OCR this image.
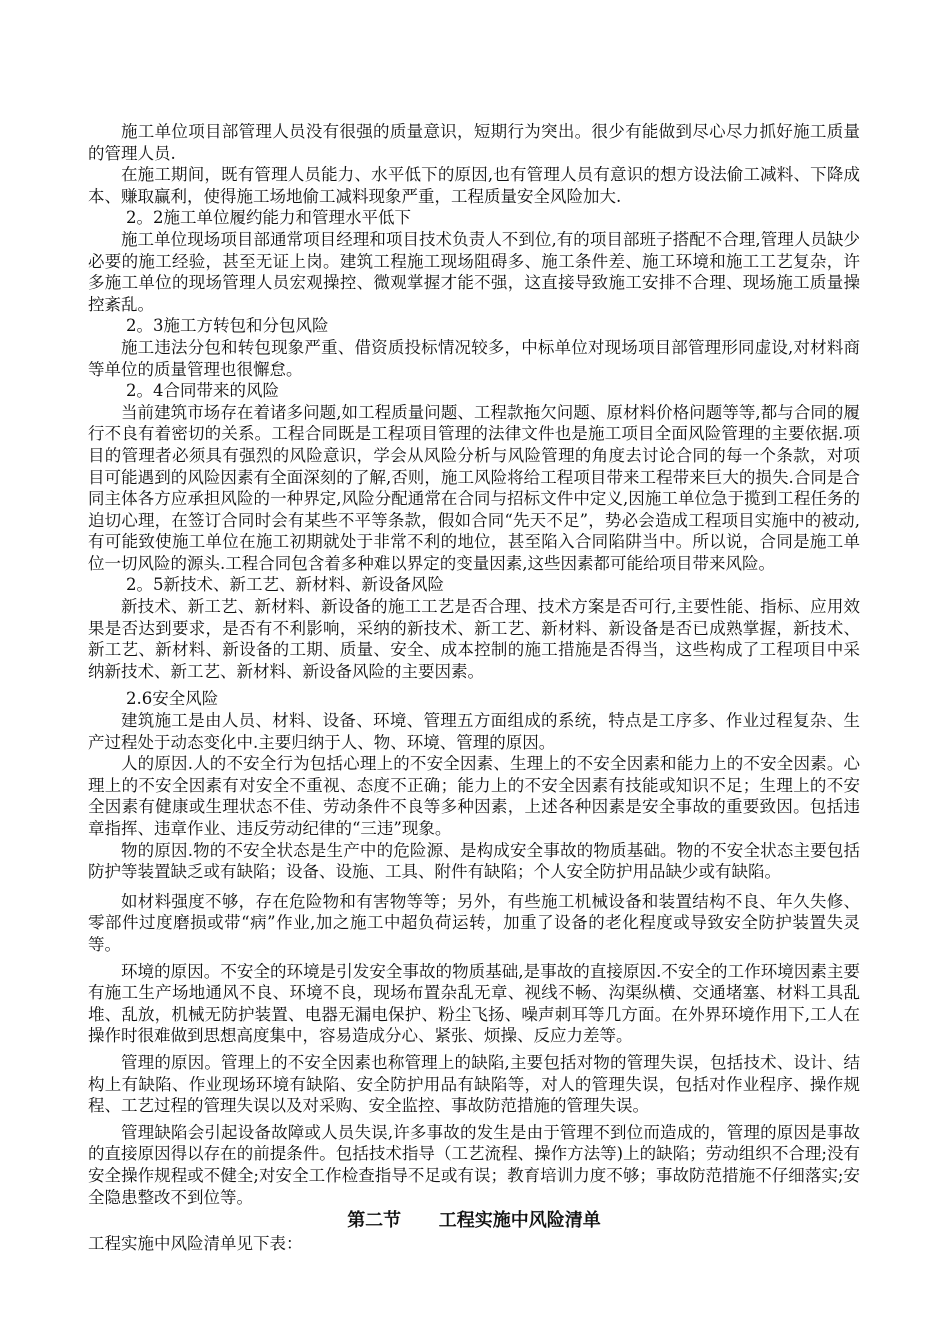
施工单位项目部管理人员没有很强的质量意识，短期行为突出。很少有能做到尽心尽力抓好施工质量的管理人员.

在施工期间，既有管理人员能力、水平低下的原因,也有管理人员有意识的想方设法偷工减料、下降成本、赚取赢利，使得施工场地偷工减料现象严重，工程质量安全风险加大.

2。2施工单位履约能力和管理水平低下

施工单位现场项目部通常项目经理和项目技术负责人不到位,有的项目部班子搭配不合理,管理人员缺少必要的施工经验，甚至无证上岗。建筑工程施工现场阻碍多、施工条件差、施工环境和施工工艺复杂，许多施工单位的现场管理人员宏观操控、微观掌握才能不强，这直接导致施工安排不合理、现场施工质量操控紊乱。

2。3施工方转包和分包风险

施工违法分包和转包现象严重、借资质投标情况较多，中标单位对现场项目部管理形同虚设,对材料商等单位的质量管理也很懈怠。

2。4合同带来的风险

当前建筑市场存在着诸多问题,如工程质量问题、工程款拖欠问题、原材料价格问题等等,都与合同的履行不良有着密切的关系。工程合同既是工程项目管理的法律文件也是施工项目全面风险管理的主要依据.项目的管理者必须具有强烈的风险意识，学会从风险分析与风险管理的角度去讨论合同的每一个条款，对项目可能遇到的风险因素有全面深刻的了解,否则，施工风险将给工程项目带来工程带来巨大的损失.合同是合同主体各方应承担风险的一种界定,风险分配通常在合同与招标文件中定义,因施工单位急于揽到工程任务的迫切心理，在签订合同时会有某些不平等条款，假如合同“先天不足”，势必会造成工程项目实施中的被动,有可能致使施工单位在施工初期就处于非常不利的地位，甚至陷入合同陷阱当中。所以说，合同是施工单位一切风险的源头.工程合同包含着多种难以界定的变量因素,这些因素都可能给项目带来风险。

2。5新技术、新工艺、新材料、新设备风险

新技术、新工艺、新材料、新设备的施工工艺是否合理、技术方案是否可行,主要性能、指标、应用效果是否达到要求，是否有不利影响，采纳的新技术、新工艺、新材料、新设备是否已成熟掌握，新技术、新工艺、新材料、新设备的工期、质量、安全、成本控制的施工措施是否得当，这些构成了工程项目中采纳新技术、新工艺、新材料、新设备风险的主要因素。

2.6安全风险

建筑施工是由人员、材料、设备、环境、管理五方面组成的系统，特点是工序多、作业过程复杂、生产过程处于动态变化中.主要归纳于人、物、环境、管理的原因。

人的原因.人的不安全行为包括心理上的不安全因素、生理上的不安全因素和能力上的不安全因素。心理上的不安全因素有对安全不重视、态度不正确；能力上的不安全因素有技能或知识不足；生理上的不安全因素有健康或生理状态不佳、劳动条件不良等多种因素，上述各种因素是安全事故的重要致因。包括违章指挥、违章作业、违反劳动纪律的“三违”现象。

物的原因.物的不安全状态是生产中的危险源、是构成安全事故的物质基础。物的不安全状态主要包括防护等装置缺乏或有缺陷；设备、设施、工具、附件有缺陷；个人安全防护用品缺少或有缺陷。

如材料强度不够，存在危险物和有害物等等；另外，有些施工机械设备和装置结构不良、年久失修、零部件过度磨损或带“病”作业,加之施工中超负荷运转，加重了设备的老化程度或导致安全防护装置失灵等。

环境的原因。不安全的环境是引发安全事故的物质基础,是事故的直接原因.不安全的工作环境因素主要有施工生产场地通风不良、环境不良，现场布置杂乱无章、视线不畅、沟渠纵横、交通堵塞、材料工具乱堆、乱放，机械无防护装置、电器无漏电保护、粉尘飞扬、噪声刺耳等几方面。在外界环境作用下,工人在操作时很难做到思想高度集中，容易造成分心、紧张、烦操、反应力差等。

管理的原因。管理上的不安全因素也称管理上的缺陷,主要包括对物的管理失误，包括技术、设计、结构上有缺陷、作业现场环境有缺陷、安全防护用品有缺陷等，对人的管理失误，包括对作业程序、操作规程、工艺过程的管理失误以及对采购、安全监控、事故防范措施的管理失误。

管理缺陷会引起设备故障或人员失误,许多事故的发生是由于管理不到位而造成的，管理的原因是事故的直接原因得以存在的前提条件。包括技术指导（工艺流程、操作方法等)上的缺陷；劳动组织不合理;没有安全操作规程或不健全;对安全工作检查指导不足或有误；教育培训力度不够；事故防范措施不仔细落实;安全隐患整改不到位等。

第二节      工程实施中风险清单

工程实施中风险清单见下表：
